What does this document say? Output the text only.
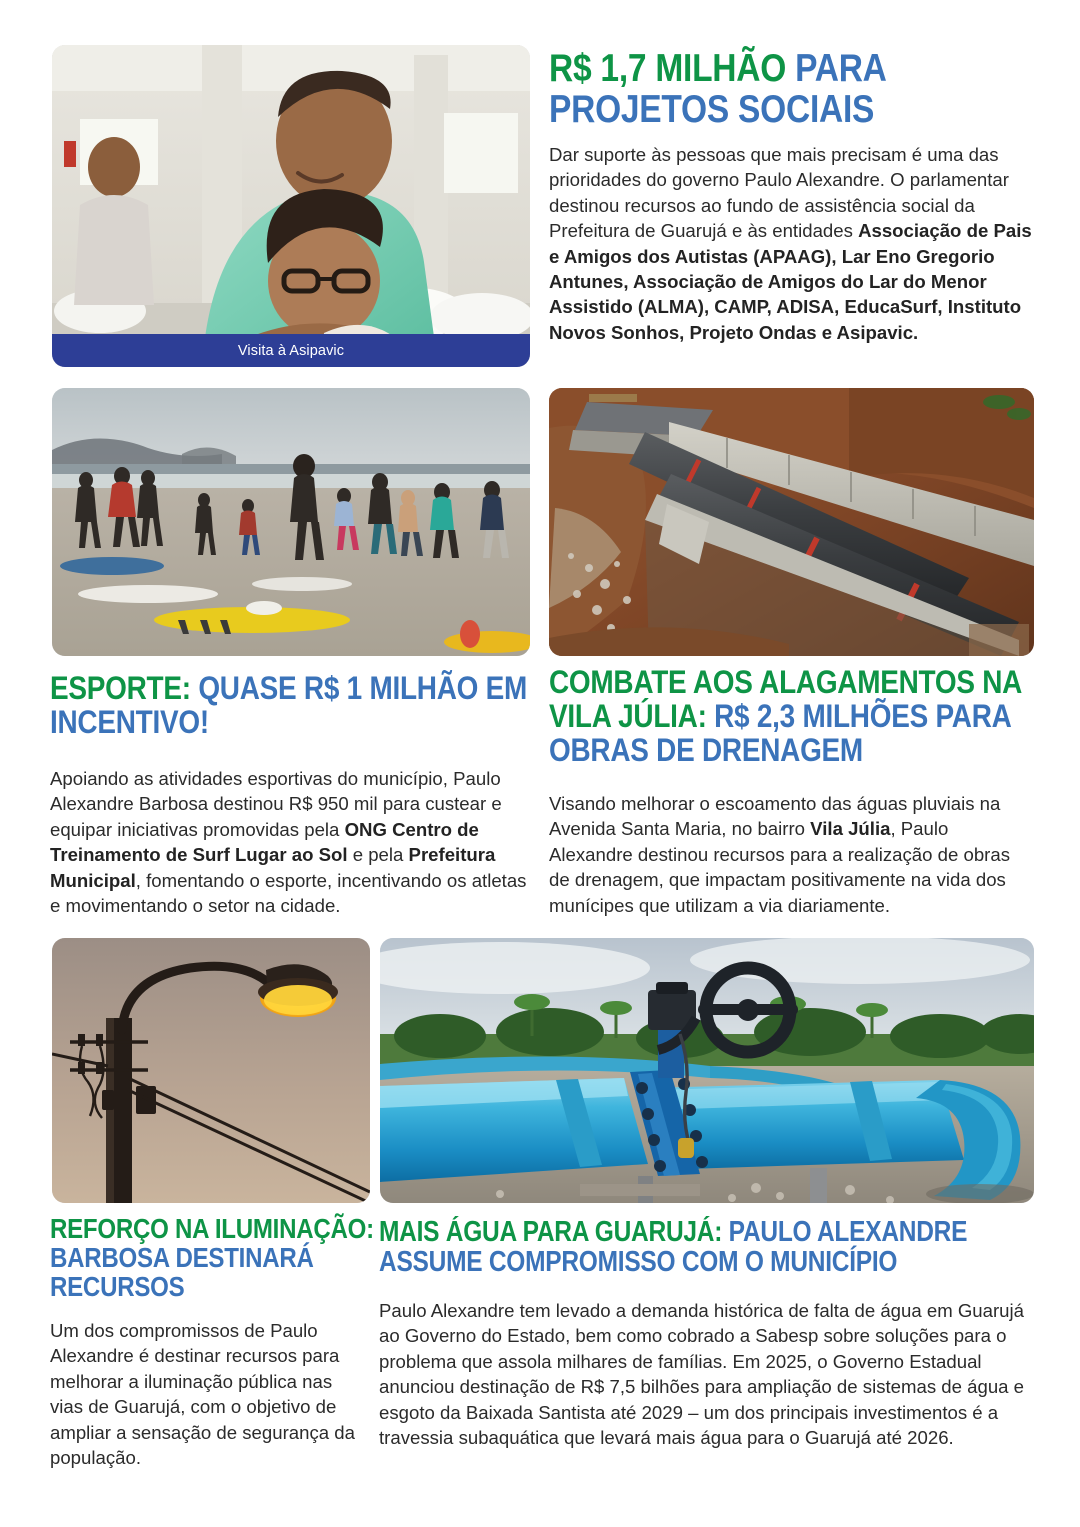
Visita à Asipavic
R$ 1,7 MILHÃO PARA PROJETOS SOCIAIS

Dar suporte às pessoas que mais precisam é uma das prioridades do governo Paulo Alexandre. O parlamentar destinou recursos ao fundo de assistência social da Prefeitura de Guarujá e às entidades Associação de Pais e Amigos dos Autistas (APAAG), Lar Eno Gregorio Antunes, Associação de Amigos do Lar do Menor Assistido (ALMA), CAMP, ADISA, EducaSurf, Instituto Novos Sonhos, Projeto Ondas e Asipavic.

ESPORTE: QUASE R$ 1 MILHÃO EM INCENTIVO!

Apoiando as atividades esportivas do município, Paulo Alexandre Barbosa destinou R$ 950 mil para custear e equipar iniciativas promovidas pela ONG Centro de Treinamento de Surf Lugar ao Sol e pela Prefeitura Municipal, fomentando o esporte, incentivando os atletas e movimentando o setor na cidade.

COMBATE AOS ALAGAMENTOS NA VILA JÚLIA: R$ 2,3 MILHÕES PARA OBRAS DE DRENAGEM

Visando melhorar o escoamento das águas pluviais na Avenida Santa Maria, no bairro Vila Júlia, Paulo Alexandre destinou recursos para a realização de obras de drenagem, que impactam positivamente na vida dos munícipes que utilizam a via diariamente.

REFORÇO NA ILUMINAÇÃO: BARBOSA DESTINARÁ RECURSOS

Um dos compromissos de Paulo Alexandre é destinar recursos para melhorar a iluminação pública nas vias de Guarujá, com o objetivo de ampliar a sensação de segurança da população.

MAIS ÁGUA PARA GUARUJÁ: PAULO ALEXANDRE ASSUME COMPROMISSO COM O MUNICÍPIO

Paulo Alexandre tem levado a demanda histórica de falta de água em Guarujá ao Governo do Estado, bem como cobrado a Sabesp sobre soluções para o problema que assola milhares de famílias. Em 2025, o Governo Estadual anunciou destinação de R$ 7,5 bilhões para ampliação de sistemas de água e esgoto da Baixada Santista até 2029 – um dos principais investimentos é a travessia subaquática que levará mais água para o Guarujá até 2026.
